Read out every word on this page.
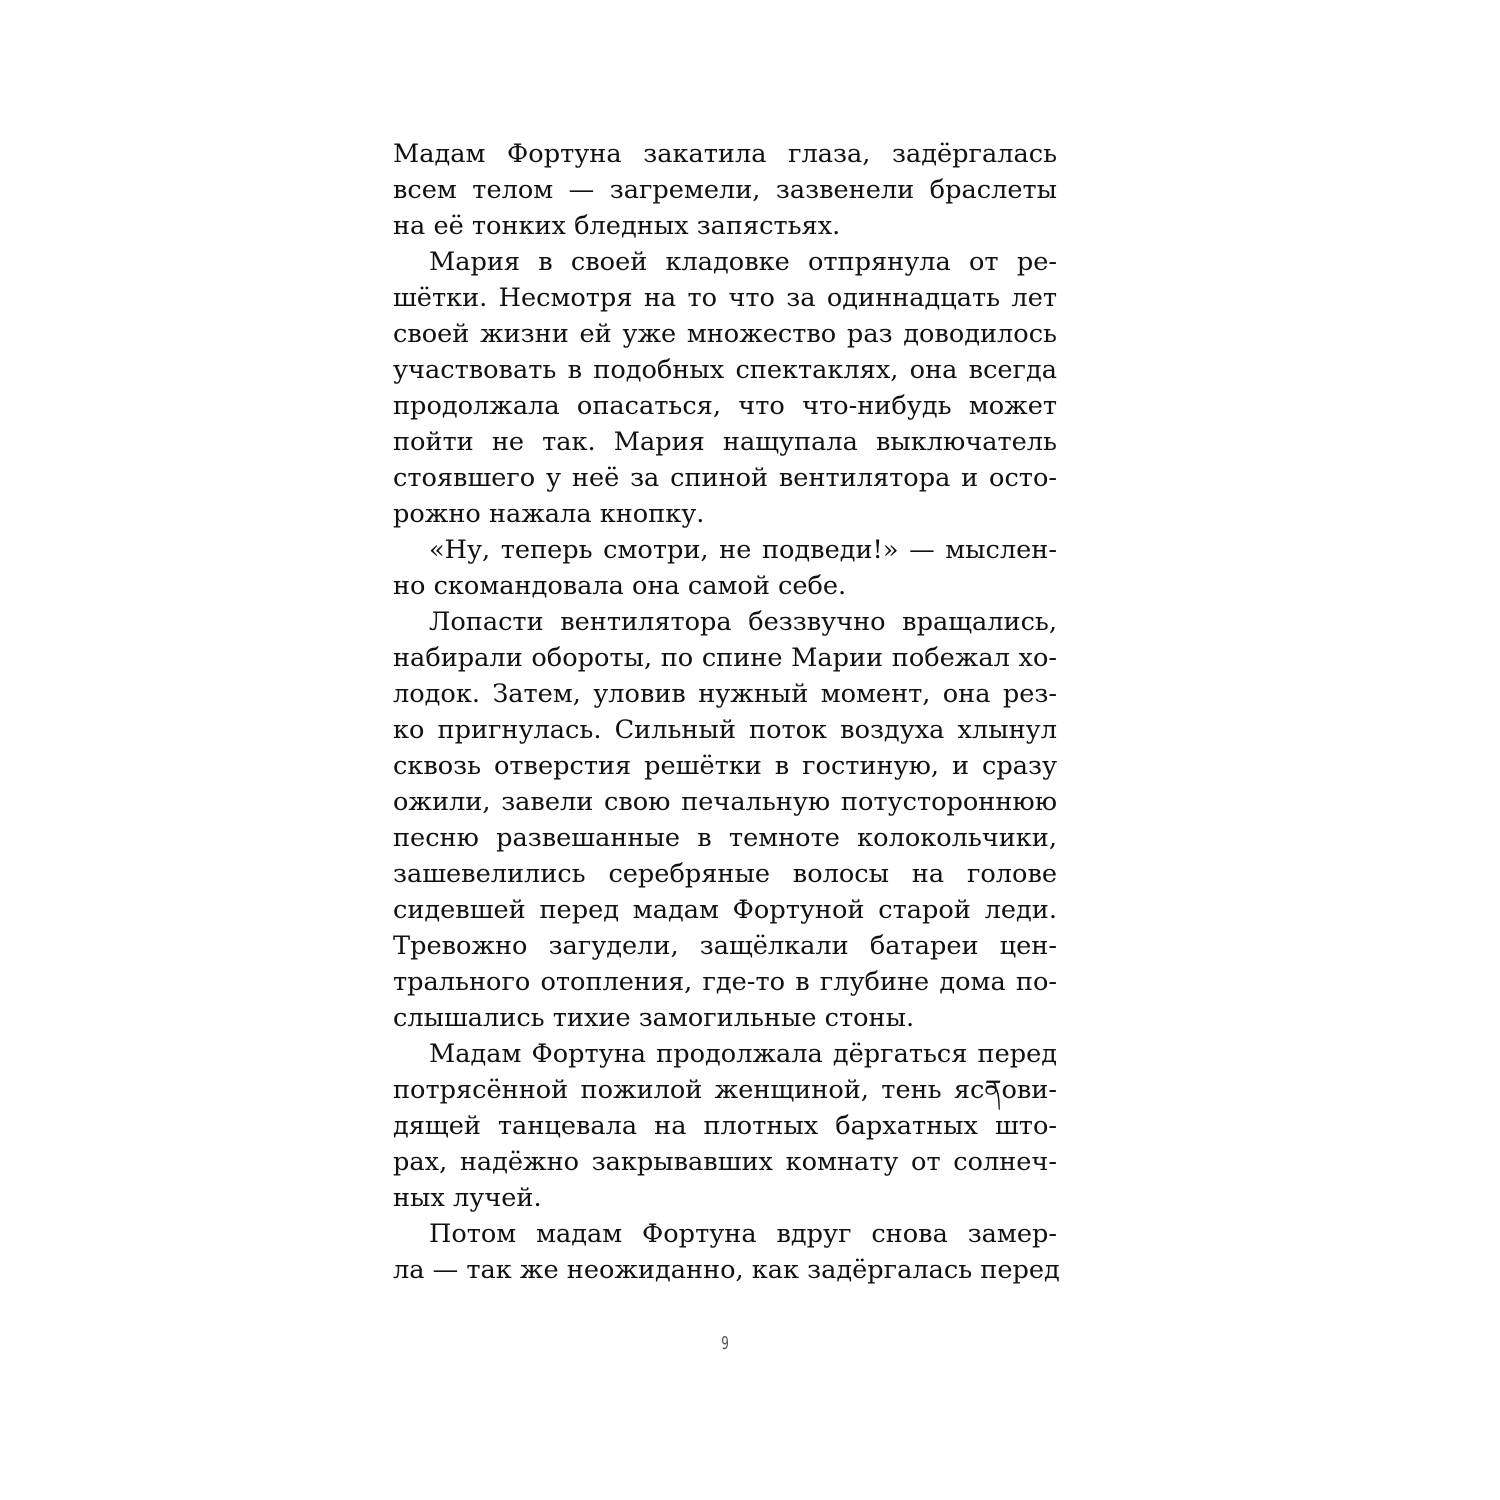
Мадам Фортуна закатила глаза, задёргалась
всем телом — загремели, зазвенели браслеты
на её тонких бледных запястьях.
Мария в своей кладовке отпрянула от ре-
шётки. Несмотря на то что за одиннадцать лет
своей жизни ей уже множество раз доводилось
участвовать в подобных спектаклях, она всегда
продолжала опасаться, что что-нибудь может
пойти не так. Мария нащупала выключатель
стоявшего у неё за спиной вентилятора и осто-
рожно нажала кнопку.
«Ну, теперь смотри, не подведи!» — мыслен-
но скомандовала она самой себе.
Лопасти вентилятора беззвучно вращались,
набирали обороты, по спине Марии побежал хо-
лодок. Затем, уловив нужный момент, она рез-
ко пригнулась. Сильный поток воздуха хлынул
сквозь отверстия решётки в гостиную, и сразу
ожили, завели свою печальную потустороннюю
песню развешанные в темноте колокольчики,
зашевелились серебряные волосы на голове
сидевшей перед мадам Фортуной старой леди.
Тревожно загудели, защёлкали батареи цен-
трального отопления, где-то в глубине дома по-
слышались тихие замогильные стоны.
Мадам Фортуна продолжала дёргаться перед
потрясённой пожилой женщиной, тень ясནови-
дящей танцевала на плотных бархатных што-
рах, надёжно закрывавших комнату от солнеч-
ных лучей.
Потом мадам Фортуна вдруг снова замер-
ла — так же неожиданно, как задёргалась перед
9
